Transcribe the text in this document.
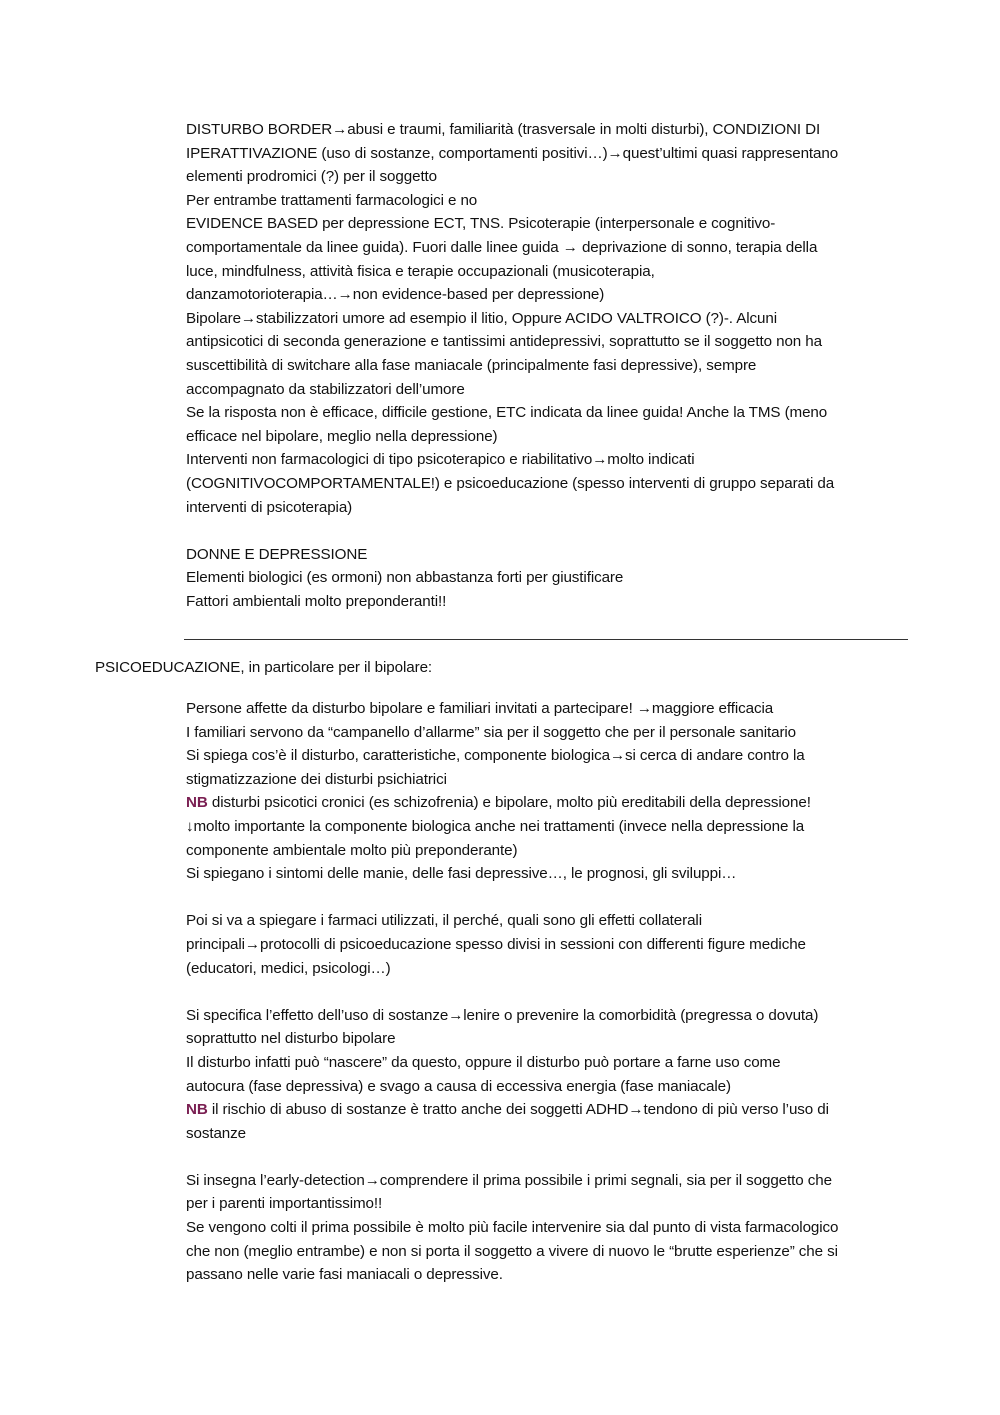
DISTURBO BORDER→abusi e traumi, familiarità (trasversale in molti disturbi), CONDIZIONI DI
IPERATTIVAZIONE (uso di sostanze, comportamenti positivi…)→quest’ultimi quasi rappresentano
elementi prodromici (?) per il soggetto
Per entrambe trattamenti farmacologici e no
EVIDENCE BASED per depressione ECT, TNS. Psicoterapie (interpersonale e cognitivo-
comportamentale da linee guida). Fuori dalle linee guida → deprivazione di sonno, terapia della
luce, mindfulness, attività fisica e terapie occupazionali (musicoterapia,
danzamotorioterapia…→non evidence-based per depressione)
Bipolare→stabilizzatori umore ad esempio il litio, Oppure ACIDO VALTROICO (?)-. Alcuni
antipsicotici di seconda generazione e tantissimi antidepressivi, soprattutto se il soggetto non ha
suscettibilità di switchare alla fase maniacale (principalmente fasi depressive), sempre
accompagnato da stabilizzatori dell’umore
Se la risposta non è efficace, difficile gestione, ETC indicata da linee guida! Anche la TMS (meno
efficace nel bipolare, meglio nella depressione)
Interventi non farmacologici di tipo psicoterapico e riabilitativo→molto indicati
(COGNITIVOCOMPORTAMENTALE!) e psicoeducazione (spesso interventi di gruppo separati da
interventi di psicoterapia)
DONNE E DEPRESSIONE
Elementi biologici (es ormoni) non abbastanza forti per giustificare
Fattori ambientali molto preponderanti!!
PSICOEDUCAZIONE, in particolare per il bipolare:
Persone affette da disturbo bipolare e familiari invitati a partecipare! →maggiore efficacia
I familiari servono da “campanello d’allarme” sia per il soggetto che per il personale sanitario
Si spiega cos’è il disturbo, caratteristiche, componente biologica→si cerca di andare contro la
stigmatizzazione dei disturbi psichiatrici
NB disturbi psicotici cronici (es schizofrenia) e bipolare, molto più ereditabili della depressione!
↓molto importante la componente biologica anche nei trattamenti (invece nella depressione la
componente ambientale molto più preponderante)
Si spiegano i sintomi delle manie, delle fasi depressive…, le prognosi, gli sviluppi…
Poi si va a spiegare i farmaci utilizzati, il perché, quali sono gli effetti collaterali
principali→protocolli di psicoeducazione spesso divisi in sessioni con differenti figure mediche
(educatori, medici, psicologi…)
Si specifica l’effetto dell’uso di sostanze→lenire o prevenire la comorbidità (pregressa o dovuta)
soprattutto nel disturbo bipolare
Il disturbo infatti può “nascere” da questo, oppure il disturbo può portare a farne uso come
autocura (fase depressiva) e svago a causa di eccessiva energia (fase maniacale)
NB il rischio di abuso di sostanze è tratto anche dei soggetti ADHD→tendono di più verso l’uso di
sostanze
Si insegna l’early-detection→comprendere il prima possibile i primi segnali, sia per il soggetto che
per i parenti importantissimo!!
Se vengono colti il prima possibile è molto più facile intervenire sia dal punto di vista farmacologico
che non (meglio entrambe) e non si porta il soggetto a vivere di nuovo le “brutte esperienze” che si
passano nelle varie fasi maniacali o depressive.
